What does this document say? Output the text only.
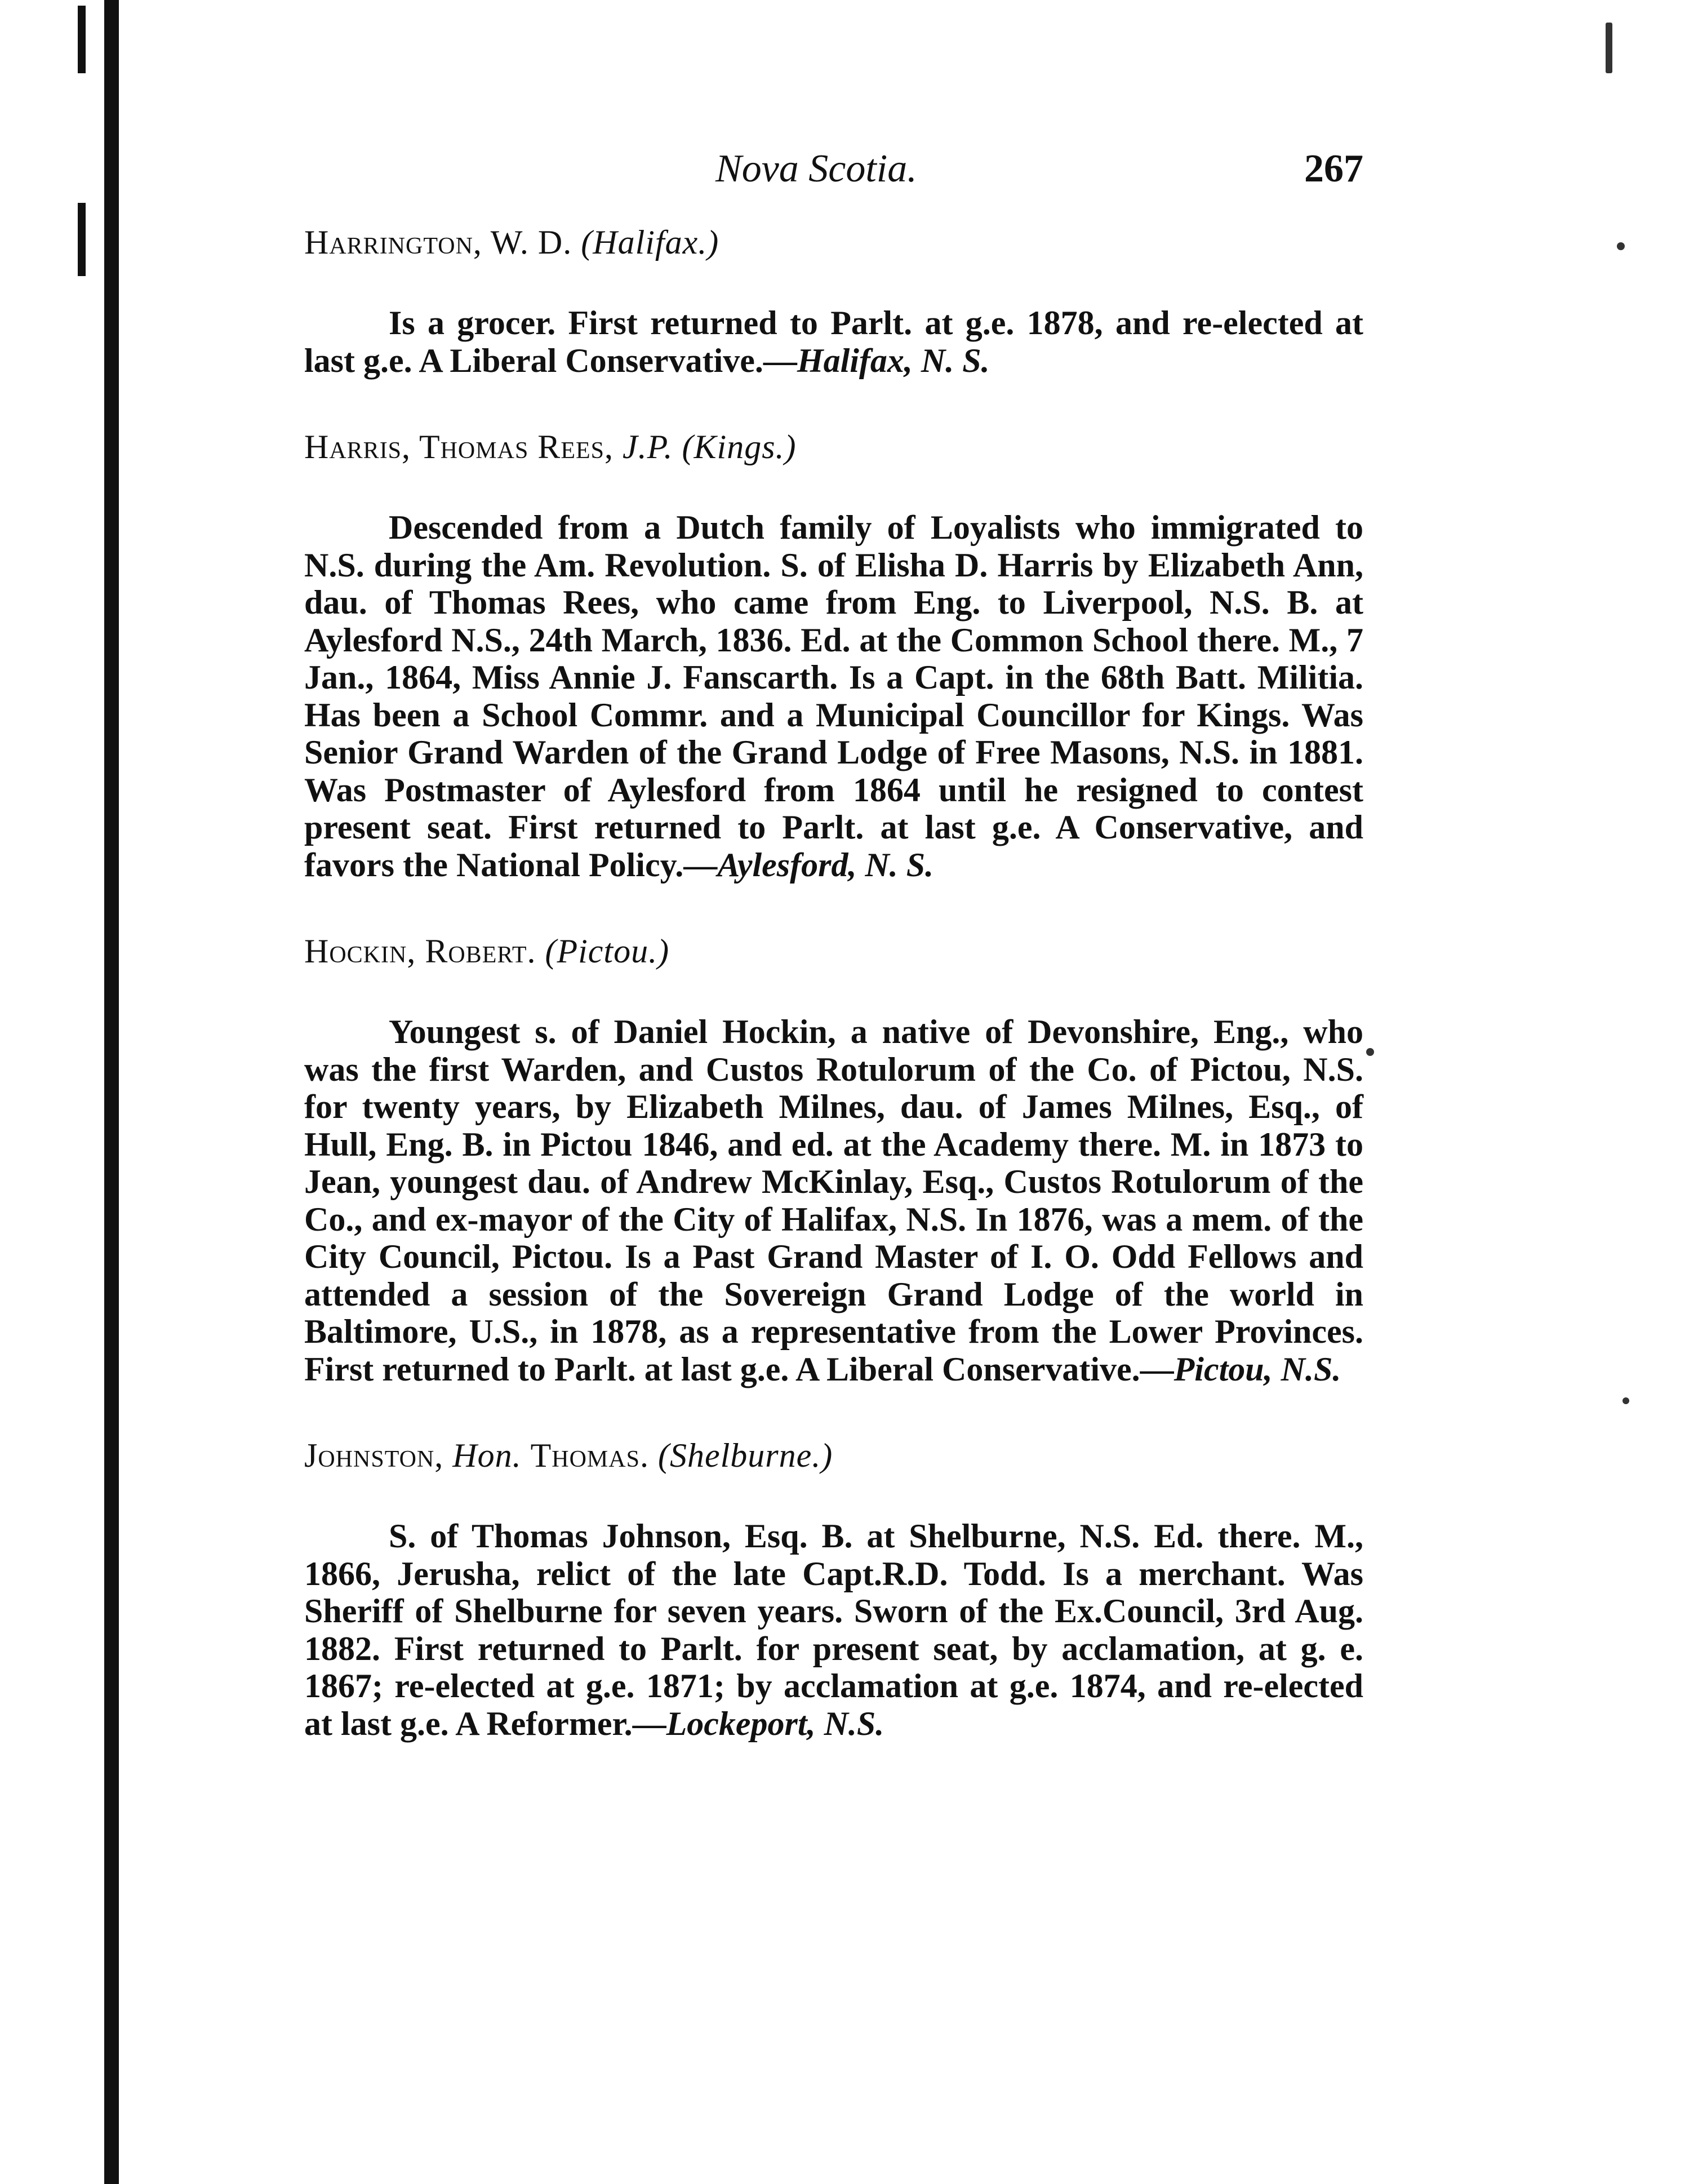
Nova Scotia.	267

Harrington, W. D. (Halifax.)

Is a grocer. First returned to Parlt. at g.e. 1878, and re-elected at last g.e. A Liberal Conservative.—Halifax, N. S.

Harris, Thomas Rees, J.P. (Kings.)

Descended from a Dutch family of Loyalists who immigrated to N.S. during the Am. Revolution. S. of Elisha D. Harris by Elizabeth Ann, dau. of Thomas Rees, who came from Eng. to Liverpool, N.S. B. at Aylesford N.S., 24th March, 1836. Ed. at the Common School there. M., 7 Jan., 1864, Miss Annie J. Fanscarth. Is a Capt. in the 68th Batt. Militia. Has been a School Commr. and a Municipal Councillor for Kings. Was Senior Grand Warden of the Grand Lodge of Free Masons, N.S. in 1881. Was Postmaster of Aylesford from 1864 until he resigned to contest present seat. First returned to Parlt. at last g.e. A Conservative, and favors the National Policy.—Aylesford, N. S.

Hockin, Robert. (Pictou.)

Youngest s. of Daniel Hockin, a native of Devonshire, Eng., who was the first Warden, and Custos Rotulorum of the Co. of Pictou, N.S. for twenty years, by Elizabeth Milnes, dau. of James Milnes, Esq., of Hull, Eng. B. in Pictou 1846, and ed. at the Academy there. M. in 1873 to Jean, youngest dau. of Andrew McKinlay, Esq., Custos Rotulorum of the Co., and ex-mayor of the City of Halifax, N.S. In 1876, was a mem. of the City Council, Pictou. Is a Past Grand Master of I. O. Odd Fellows and attended a session of the Sovereign Grand Lodge of the world in Baltimore, U.S., in 1878, as a representative from the Lower Provinces. First returned to Parlt. at last g.e. A Liberal Conservative.—Pictou, N.S.

Johnston, Hon. Thomas. (Shelburne.)

S. of Thomas Johnson, Esq. B. at Shelburne, N.S. Ed. there. M., 1866, Jerusha, relict of the late Capt.R.D. Todd. Is a merchant. Was Sheriff of Shelburne for seven years. Sworn of the Ex.Council, 3rd Aug. 1882. First returned to Parlt. for present seat, by acclamation, at g. e. 1867; re-elected at g.e. 1871; by acclamation at g.e. 1874, and re-elected at last g.e. A Reformer.—Lockeport, N.S.
